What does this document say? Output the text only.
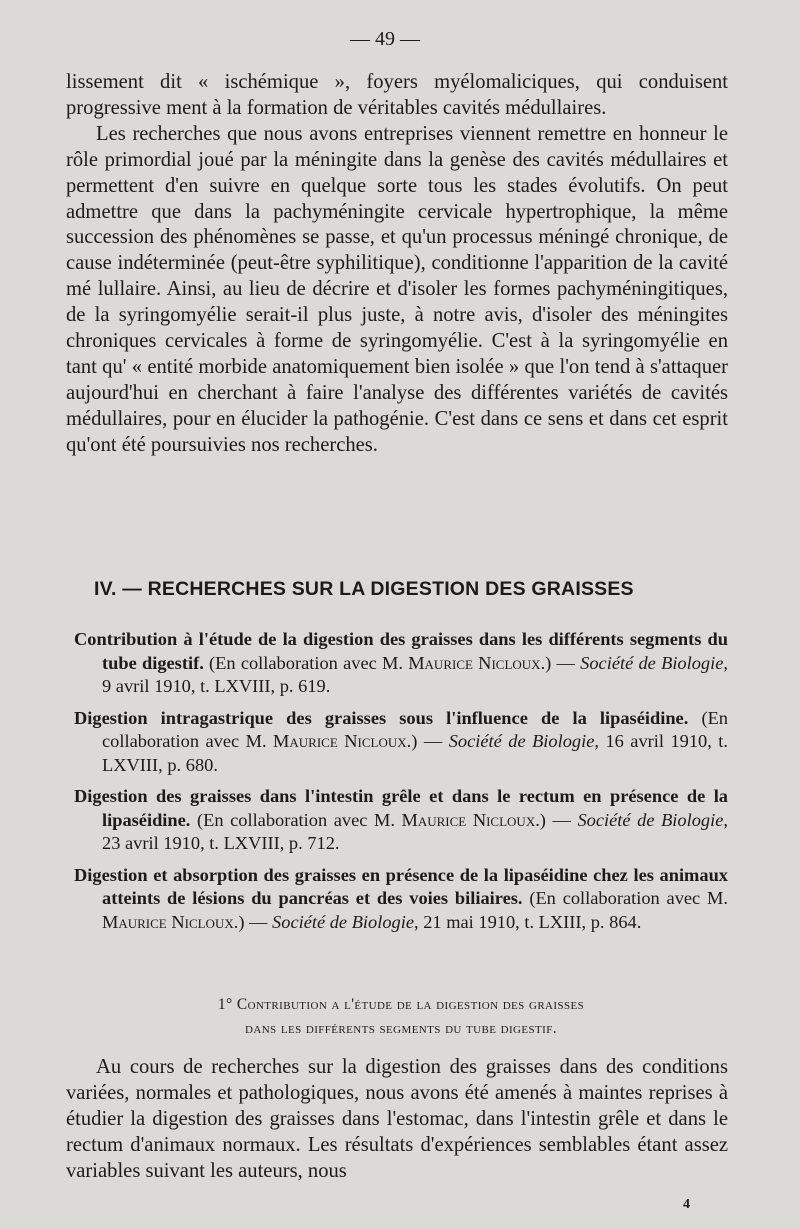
— 49 —

lissement dit « ischémique », foyers myélomaliciques, qui conduisent progressive ment à la formation de véritables cavités médullaires.

Les recherches que nous avons entreprises viennent remettre en honneur le rôle primordial joué par la méningite dans la genèse des cavités médullaires et permettent d'en suivre en quelque sorte tous les stades évolutifs. On peut admettre que dans la pachyméningite cervicale hypertrophique, la même succession des phénomènes se passe, et qu'un processus méningé chronique, de cause indéterminée (peut-être syphilitique), conditionne l'apparition de la cavité mé lullaire. Ainsi, au lieu de décrire et d'isoler les formes pachyméningitiques, de la syringomyélie serait-il plus juste, à notre avis, d'isoler des méningites chroniques cervicales à forme de syringomyélie. C'est à la syringomyélie en tant qu' « entité morbide anatomiquement bien isolée » que l'on tend à s'attaquer aujourd'hui en cherchant à faire l'analyse des différentes variétés de cavités médullaires, pour en élucider la pathogénie. C'est dans ce sens et dans cet esprit qu'ont été poursuivies nos recherches.

IV. — RECHERCHES SUR LA DIGESTION DES GRAISSES

Contribution à l'étude de la digestion des graisses dans les différents segments du tube digestif. (En collaboration avec M. Maurice Nicloux.) — Société de Biologie, 9 avril 1910, t. LXVIII, p. 619.

Digestion intragastrique des graisses sous l'influence de la lipaséidine. (En collaboration avec M. Maurice Nicloux.) — Société de Biologie, 16 avril 1910, t. LXVIII, p. 680.

Digestion des graisses dans l'intestin grêle et dans le rectum en présence de la lipaséidine. (En collaboration avec M. Maurice Nicloux.) — Société de Biologie, 23 avril 1910, t. LXVIII, p. 712.

Digestion et absorption des graisses en présence de la lipaséidine chez les animaux atteints de lésions du pancréas et des voies biliaires. (En collaboration avec M. Maurice Nicloux.) — Société de Biologie, 21 mai 1910, t. LXIII, p. 864.

1° Contribution a l'étude de la digestion des graisses
dans les différents segments du tube digestif.

Au cours de recherches sur la digestion des graisses dans des conditions variées, normales et pathologiques, nous avons été amenés à maintes reprises à étudier la digestion des graisses dans l'estomac, dans l'intestin grêle et dans le rectum d'animaux normaux. Les résultats d'expériences semblables étant assez variables suivant les auteurs, nous

4
